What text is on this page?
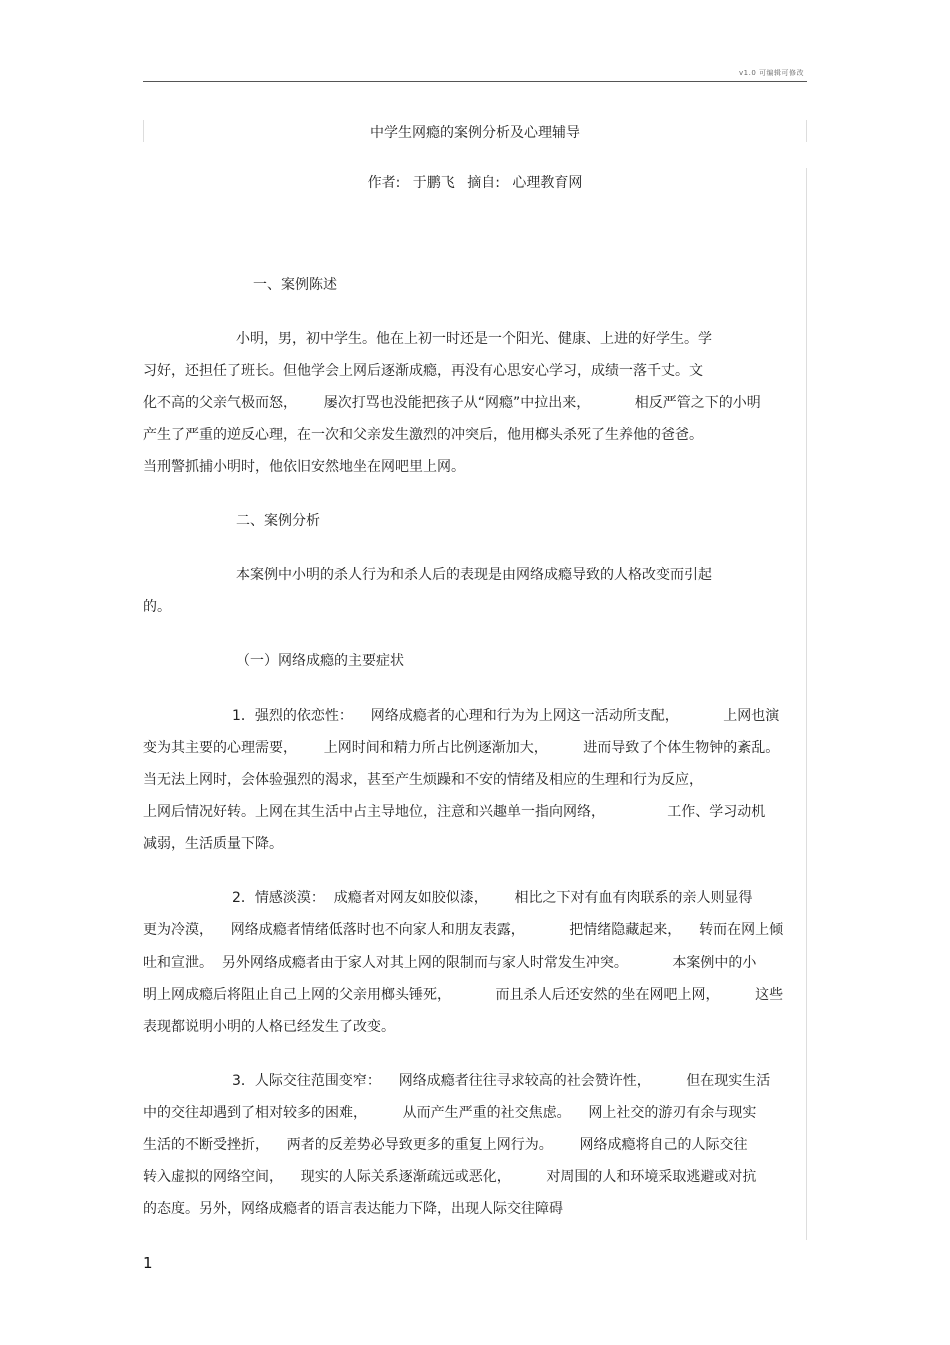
v1.0 可编辑可修改
中学生网瘾的案例分析及心理辅导
作者: 于鹏飞 摘自: 心理教育网
一、案例陈述
小明，男，初中学生。他在上初一时还是一个阳光、健康、上进的好学生。学
习好，还担任了班长。但他学会上网后逐渐成瘾，再没有心思安心学习，成绩一落千丈。文
化不高的父亲气极而怒，      屡次打骂也没能把孩子从“网瘾”中拉出来，          相反严管之下的小明
产生了严重的逆反心理，在一次和父亲发生激烈的冲突后，他用榔头杀死了生养他的爸爸。
当刑警抓捕小明时，他依旧安然地坐在网吧里上网。
二、案例分析
本案例中小明的杀人行为和杀人后的表现是由网络成瘾导致的人格改变而引起
的。
（一）网络成瘾的主要症状
1．强烈的依恋性：    网络成瘾者的心理和行为为上网这一活动所支配，          上网也演
变为其主要的心理需要，      上网时间和精力所占比例逐渐加大，        进而导致了个体生物钟的紊乱。
当无法上网时，会体验强烈的渴求，甚至产生烦躁和不安的情绪及相应的生理和行为反应，
上网后情况好转。上网在其生活中占主导地位，注意和兴趣单一指向网络，              工作、学习动机
减弱，生活质量下降。
2．情感淡漠：  成瘾者对网友如胶似漆，      相比之下对有血有肉联系的亲人则显得
更为冷漠，    网络成瘾者情绪低落时也不向家人和朋友表露，          把情绪隐藏起来，    转而在网上倾
吐和宣泄。  另外网络成瘾者由于家人对其上网的限制而与家人时常发生冲突。          本案例中的小
明上网成瘾后将阻止自己上网的父亲用榔头锤死，          而且杀人后还安然的坐在网吧上网，        这些
表现都说明小明的人格已经发生了改变。
3．人际交往范围变窄：    网络成瘾者往往寻求较高的社会赞许性，        但在现实生活
中的交往却遇到了相对较多的困难，        从而产生严重的社交焦虑。    网上社交的游刃有余与现实
生活的不断受挫折，    两者的反差势必导致更多的重复上网行为。      网络成瘾将自己的人际交往
转入虚拟的网络空间，    现实的人际关系逐渐疏远或恶化，        对周围的人和环境采取逃避或对抗
的态度。另外，网络成瘾者的语言表达能力下降，出现人际交往障碍
1
